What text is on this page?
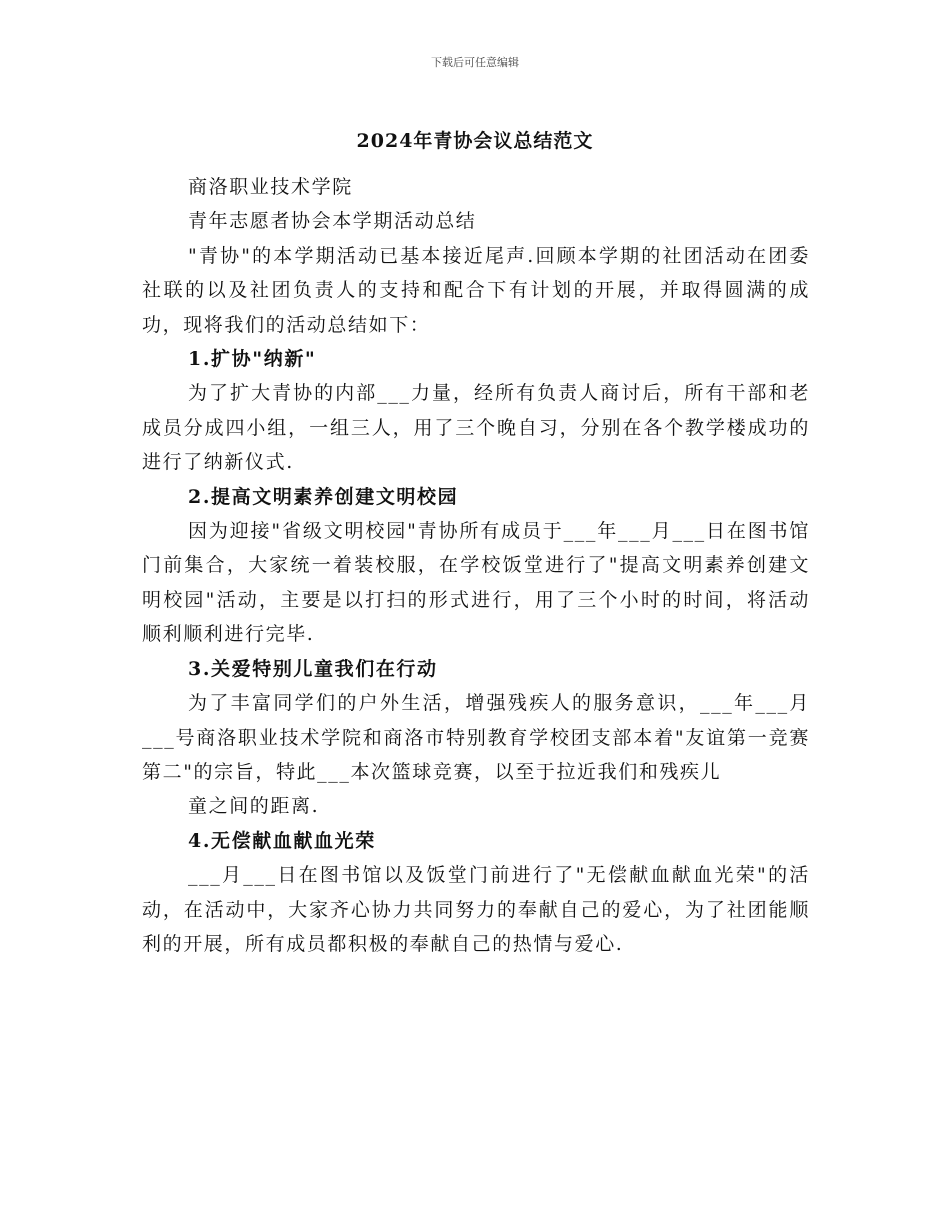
下载后可任意编辑
2024年青协会议总结范文

商洛职业技术学院

青年志愿者协会本学期活动总结

"青协"的本学期活动已基本接近尾声.回顾本学期的社团活动在团委社联的以及社团负责人的支持和配合下有计划的开展，并取得圆满的成功，现将我们的活动总结如下：

1.扩协"纳新"

为了扩大青协的内部___力量，经所有负责人商讨后，所有干部和老成员分成四小组，一组三人，用了三个晚自习，分别在各个教学楼成功的进行了纳新仪式.

2.提高文明素养创建文明校园

因为迎接"省级文明校园"青协所有成员于___年___月___日在图书馆门前集合，大家统一着装校服，在学校饭堂进行了"提高文明素养创建文明校园"活动，主要是以打扫的形式进行，用了三个小时的时间，将活动顺利顺利进行完毕.

3.关爱特别儿童我们在行动

为了丰富同学们的户外生活，增强残疾人的服务意识，___年___月___号商洛职业技术学院和商洛市特别教育学校团支部本着"友谊第一竞赛第二"的宗旨，特此___本次篮球竞赛，以至于拉近我们和残疾儿

童之间的距离.

4.无偿献血献血光荣

___月___日在图书馆以及饭堂门前进行了"无偿献血献血光荣"的活动，在活动中，大家齐心协力共同努力的奉献自己的爱心，为了社团能顺利的开展，所有成员都积极的奉献自己的热情与爱心.
